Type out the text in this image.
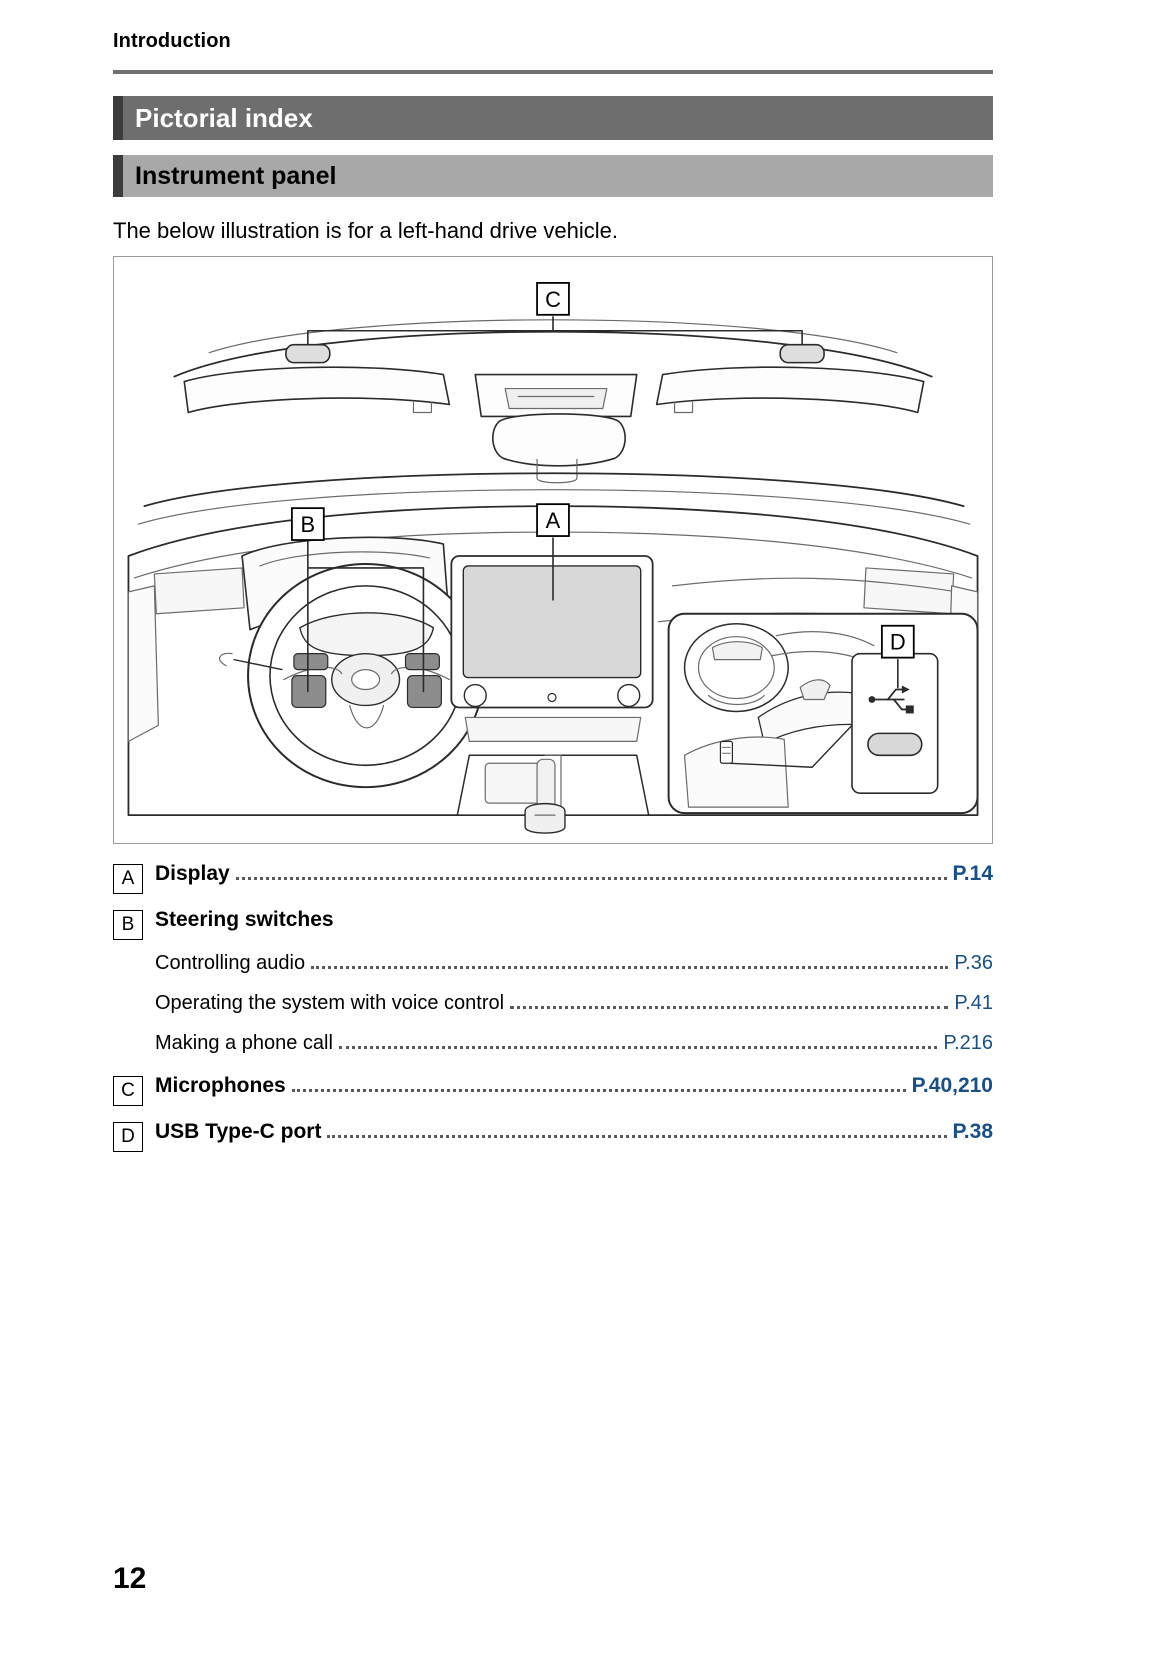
Introduction
Pictorial index
Instrument panel
The below illustration is for a left-hand drive vehicle.
C
A
B
D
A Display	P.14
B Steering switches
Controlling audio	P.36
Operating the system with voice control	P.41
Making a phone call	P.216
C Microphones	P.40,210
D USB Type-C port	P.38
12
